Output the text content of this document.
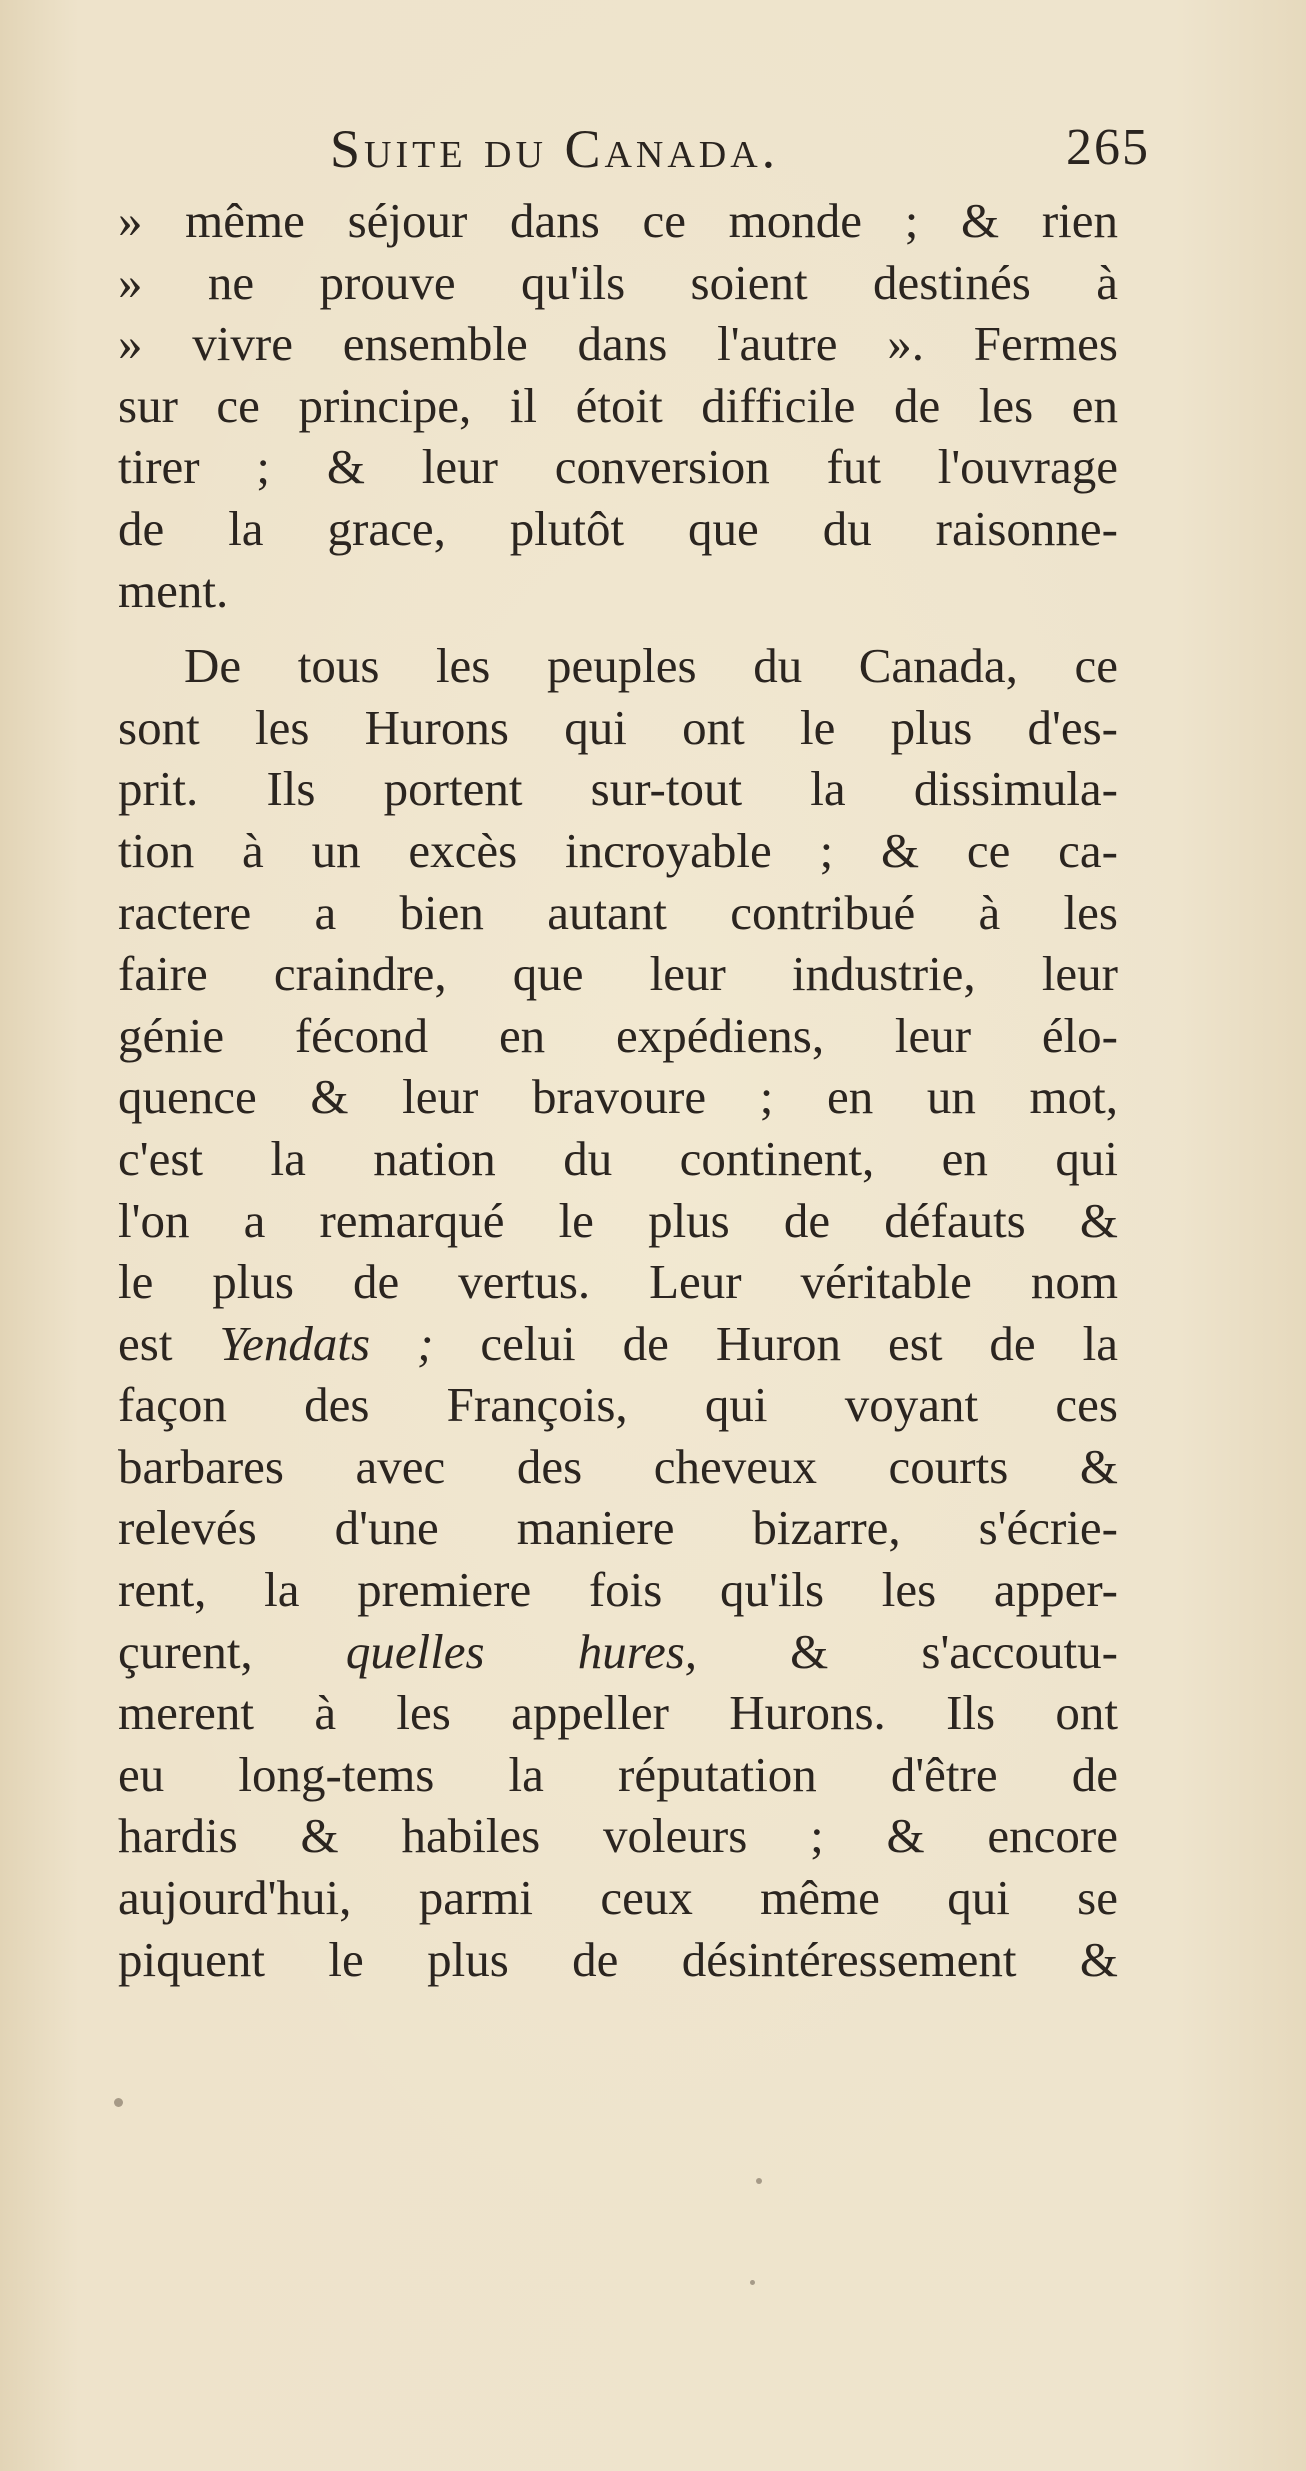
Suite du Canada.	265
» même séjour dans ce monde ; & rien
» ne prouve qu'ils soient destinés à
» vivre ensemble dans l'autre ». Fermes
sur ce principe, il étoit difficile de les en
tirer ; & leur conversion fut l'ouvrage
de la grace, plutôt que du raisonne-
ment.
De tous les peuples du Canada, ce
sont les Hurons qui ont le plus d'es-
prit. Ils portent sur-tout la dissimula-
tion à un excès incroyable ; & ce ca-
ractere a bien autant contribué à les
faire craindre, que leur industrie, leur
génie fécond en expédiens, leur élo-
quence & leur bravoure ; en un mot,
c'est la nation du continent, en qui
l'on a remarqué le plus de défauts &
le plus de vertus. Leur véritable nom
est Yendats ; celui de Huron est de la
façon des François, qui voyant ces
barbares avec des cheveux courts &
relevés d'une maniere bizarre, s'écrie-
rent, la premiere fois qu'ils les apper-
çurent, quelles hures, & s'accoutu-
merent à les appeller Hurons. Ils ont
eu long-tems la réputation d'être de
hardis & habiles voleurs ; & encore
aujourd'hui, parmi ceux même qui se
piquent le plus de désintéressement &
